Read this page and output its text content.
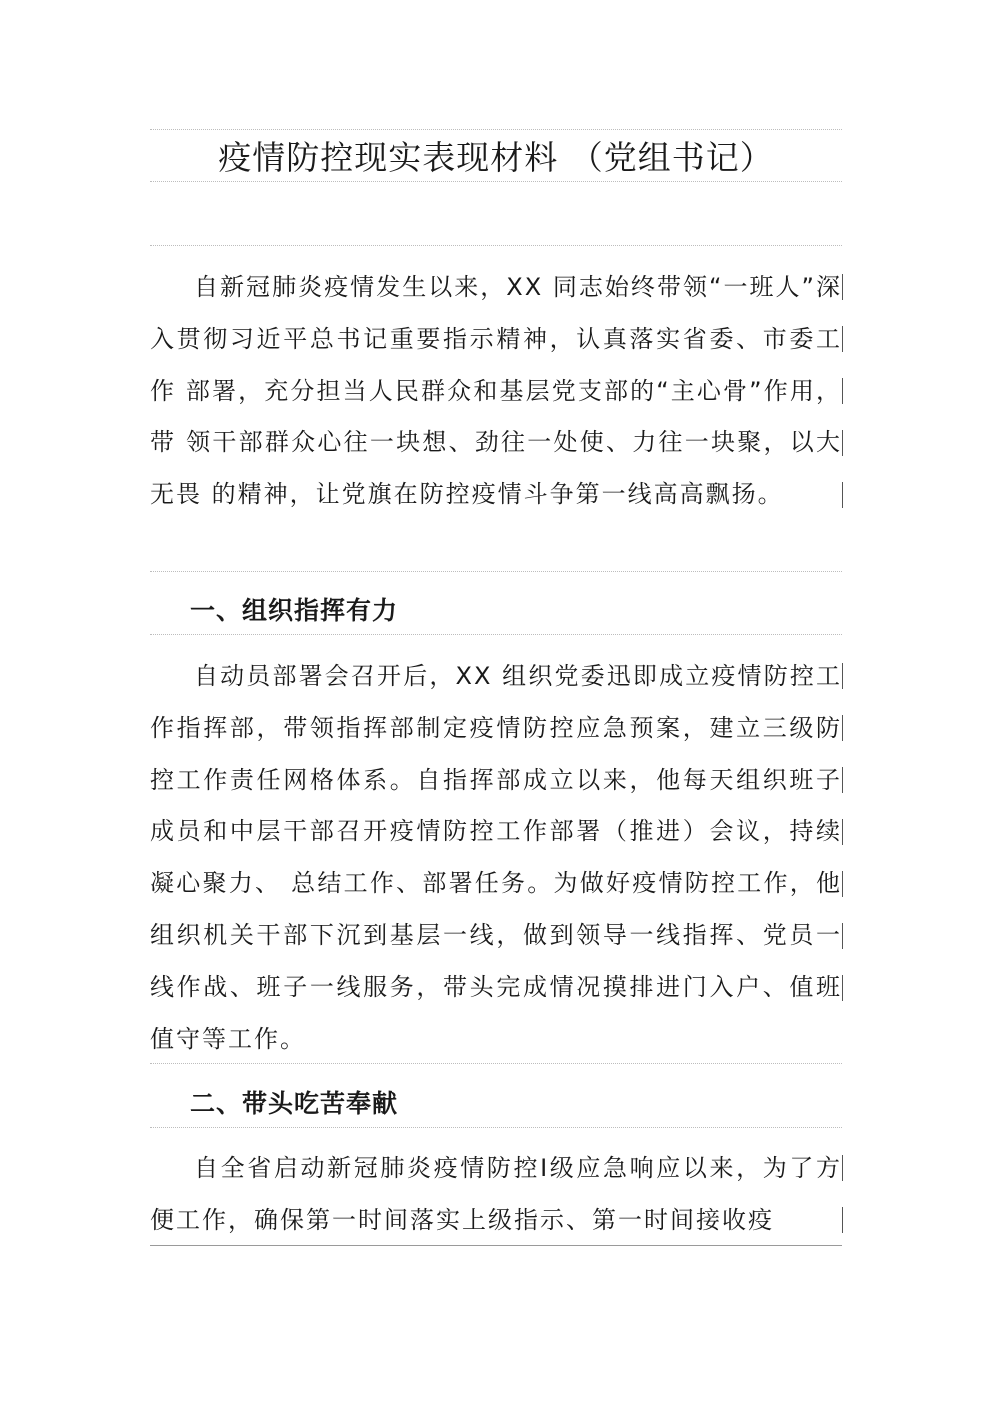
疫情防控现实表现材料 （党组书记）

自新冠肺炎疫情发生以来，XX 同志始终带领“一班人”深入贯彻习近平总书记重要指示精神，认真落实省委、市委工作 部署，充分担当人民群众和基层党支部的“主心骨”作用，带 领干部群众心往一块想、劲往一处使、力往一块聚，以大无畏 的精神，让党旗在防控疫情斗争第一线高高飘扬。

一、组织指挥有力

自动员部署会召开后，XX 组织党委迅即成立疫情防控工作指挥部，带领指挥部制定疫情防控应急预案，建立三级防控工作责任网格体系。自指挥部成立以来，他每天组织班子成员和中层干部召开疫情防控工作部署（推进）会议，持续凝心聚力、 总结工作、部署任务。为做好疫情防控工作，他组织机关干部下沉到基层一线，做到领导一线指挥、党员一线作战、班子一线服务，带头完成情况摸排进门入户、值班值守等工作。

二、带头吃苦奉献

自全省启动新冠肺炎疫情防控Ⅰ级应急响应以来，为了方便工作，确保第一时间落实上级指示、第一时间接收疫
